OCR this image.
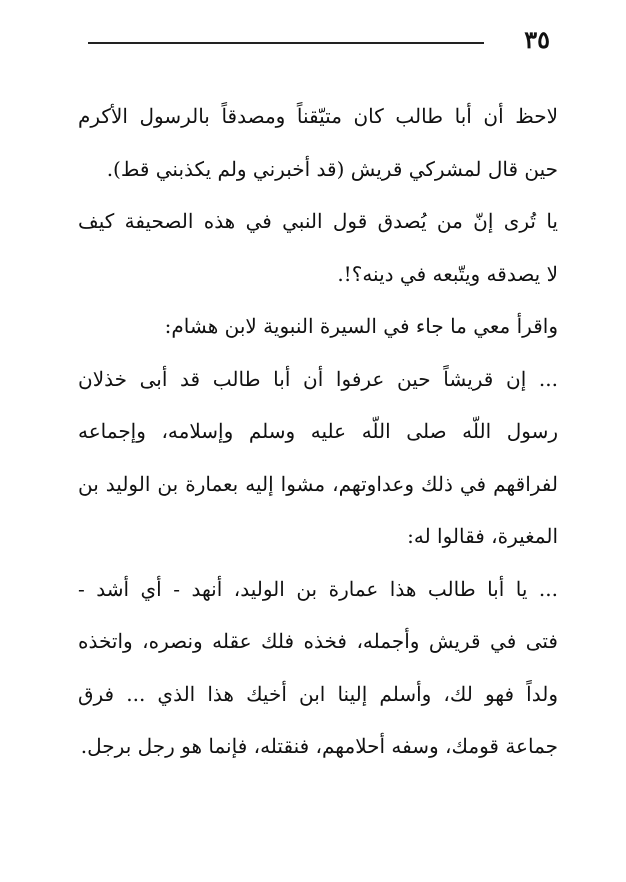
٣٥
لاحظ أن أبا طالب كان متيّقناً ومصدقاً بالرسول الأكرم
حين قال لمشركي قريش (قد أخبرني ولم يكذبني قط).
يا تُرى إنّ من يُصدق قول النبي في هذه الصحيفة كيف
لا يصدقه ويتّبعه في دينه؟!.
واقرأ معي ما جاء في السيرة النبوية لابن هشام:
... إن قريشاً حين عرفوا أن أبا طالب قد أبى خذلان
رسول اللّه صلى اللّه عليه وسلم وإسلامه، وإجماعه
لفراقهم في ذلك وعداوتهم، مشوا إليه بعمارة بن الوليد بن
المغيرة، فقالوا له:
... يا أبا طالب هذا عمارة بن الوليد، أنهد - أي أشد -
فتى في قريش وأجمله، فخذه فلك عقله ونصره، واتخذه
ولداً فهو لك، وأسلم إلينا ابن أخيك هذا الذي ... فرق
جماعة قومك، وسفه أحلامهم، فنقتله، فإنما هو رجل برجل.
